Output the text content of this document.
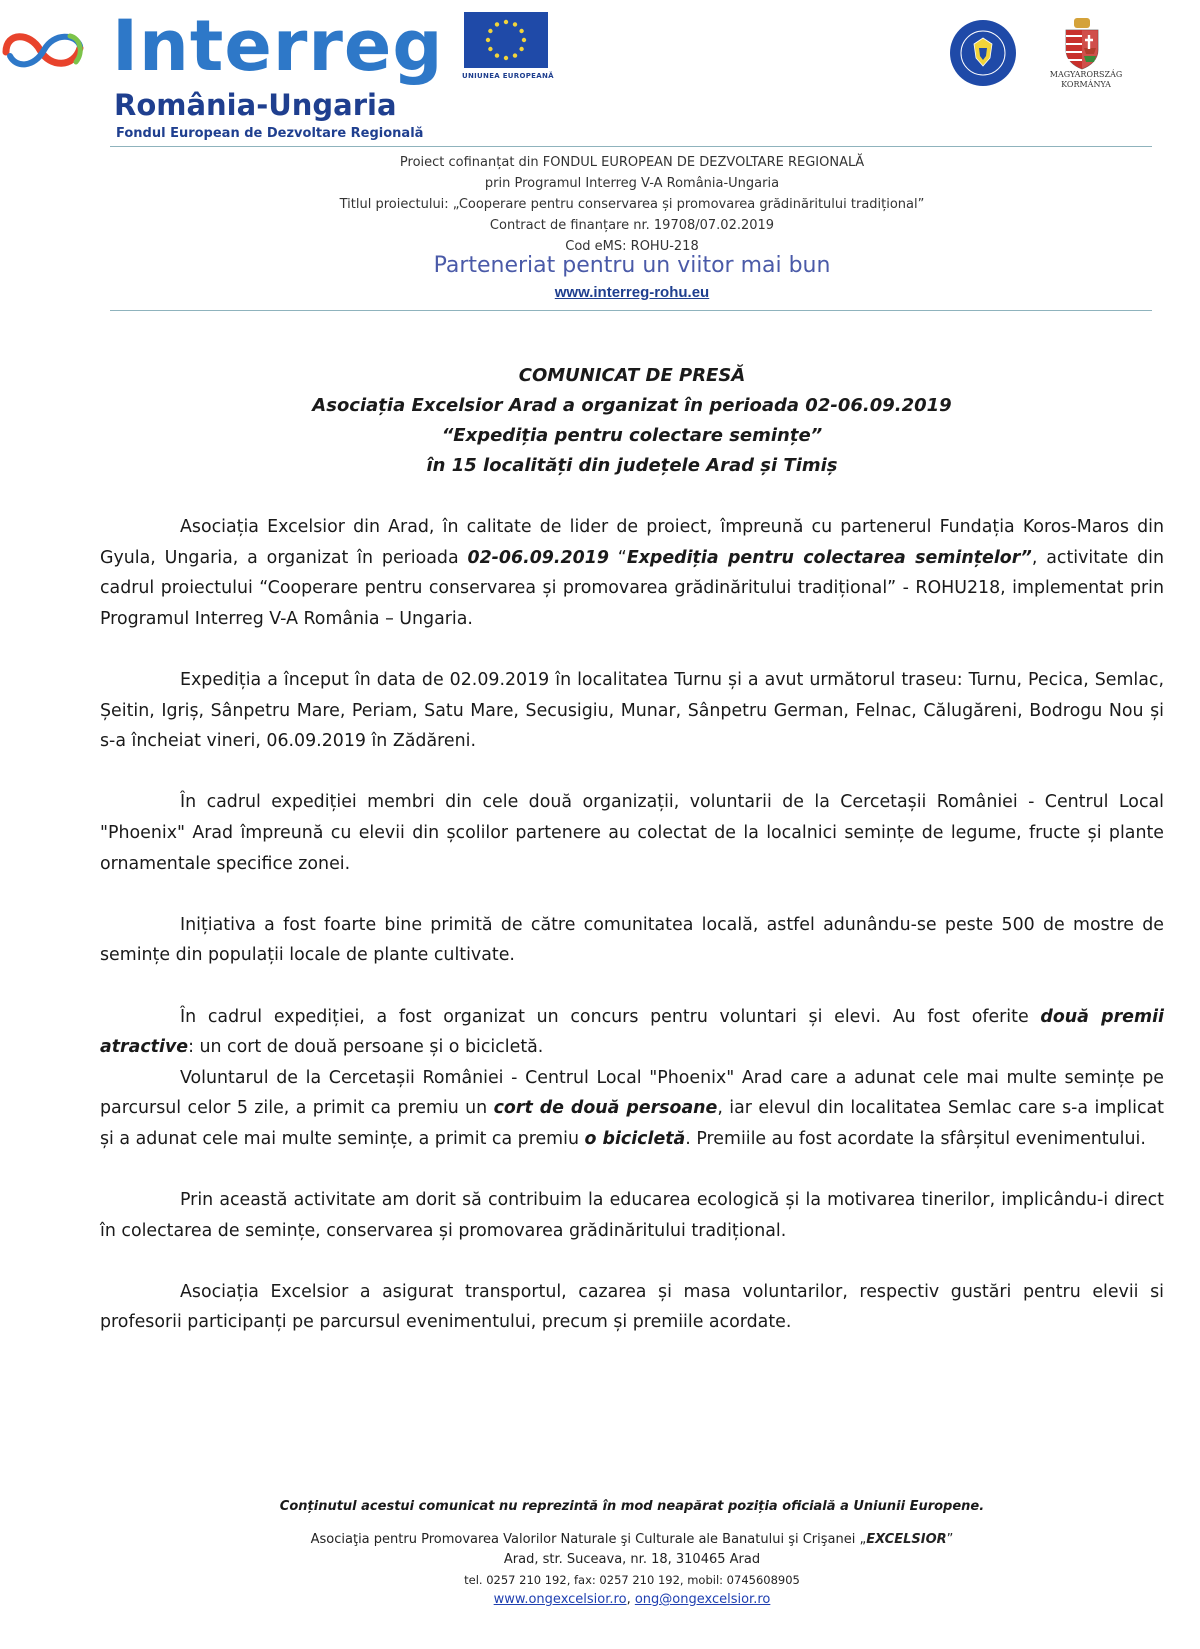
Interreg
România-Ungaria
Fondul European de Dezvoltare Regională
UNIUNEA EUROPEANĂ	MAGYARORSZÁG
KORMÁNYA
Proiect cofinanțat din FONDUL EUROPEAN DE DEZVOLTARE REGIONALĂ
prin Programul Interreg V-A România-Ungaria
Titlul proiectului: „Cooperare pentru conservarea și promovarea grădinăritului tradițional”
Contract de finanțare nr. 19708/07.02.2019
Cod eMS: ROHU-218
Parteneriat pentru un viitor mai bun
www.interreg-rohu.eu
COMUNICAT DE PRESĂ
Asociația Excelsior Arad a organizat în perioada 02-06.09.2019
“Expediția pentru colectare semințe”
în 15 localități din județele Arad și Timiș

Asociația Excelsior din Arad, în calitate de lider de proiect, împreună cu partenerul Fundația Koros-Maros din Gyula, Ungaria, a organizat în perioada 02-06.09.2019 “Expediția pentru colectarea semințelor”, activitate din cadrul proiectului “Cooperare pentru conservarea și promovarea grădinăritului tradițional” - ROHU218, implementat prin Programul Interreg V-A România – Ungaria.

Expediția a început în data de 02.09.2019 în localitatea Turnu și a avut următorul traseu: Turnu, Pecica, Semlac, Șeitin, Igriș, Sânpetru Mare, Periam, Satu Mare, Secusigiu, Munar, Sânpetru German, Felnac, Călugăreni, Bodrogu Nou și s-a încheiat vineri, 06.09.2019 în Zădăreni.

În cadrul expediției membri din cele două organizații, voluntarii de la Cercetașii României - Centrul Local "Phoenix" Arad împreună cu elevii din școlilor partenere au colectat de la localnici semințe de legume, fructe și plante ornamentale specifice zonei.

Inițiativa a fost foarte bine primită de către comunitatea locală, astfel adunându-se peste 500 de mostre de semințe din populații locale de plante cultivate.

În cadrul expediției, a fost organizat un concurs pentru voluntari și elevi. Au fost oferite două premii atractive: un cort de două persoane și o bicicletă.

Voluntarul de la Cercetașii României - Centrul Local "Phoenix" Arad care a adunat cele mai multe semințe pe parcursul celor 5 zile, a primit ca premiu un cort de două persoane, iar elevul din localitatea Semlac care s-a implicat și a adunat cele mai multe semințe, a primit ca premiu o bicicletă. Premiile au fost acordate la sfârșitul evenimentului.

Prin această activitate am dorit să contribuim la educarea ecologică și la motivarea tinerilor, implicându-i direct în colectarea de semințe, conservarea și promovarea grădinăritului tradițional.

Asociația Excelsior a asigurat transportul, cazarea și masa voluntarilor, respectiv gustări pentru elevii si profesorii participanți pe parcursul evenimentului, precum și premiile acordate.

Conținutul acestui comunicat nu reprezintă în mod neapărat poziția oficială a Uniunii Europene.
Asociaţia pentru Promovarea Valorilor Naturale şi Culturale ale Banatului şi Crişanei „EXCELSIOR”
Arad, str. Suceava, nr. 18, 310465 Arad
tel. 0257 210 192, fax: 0257 210 192, mobil: 0745608905
www.ongexcelsior.ro, ong@ongexcelsior.ro
